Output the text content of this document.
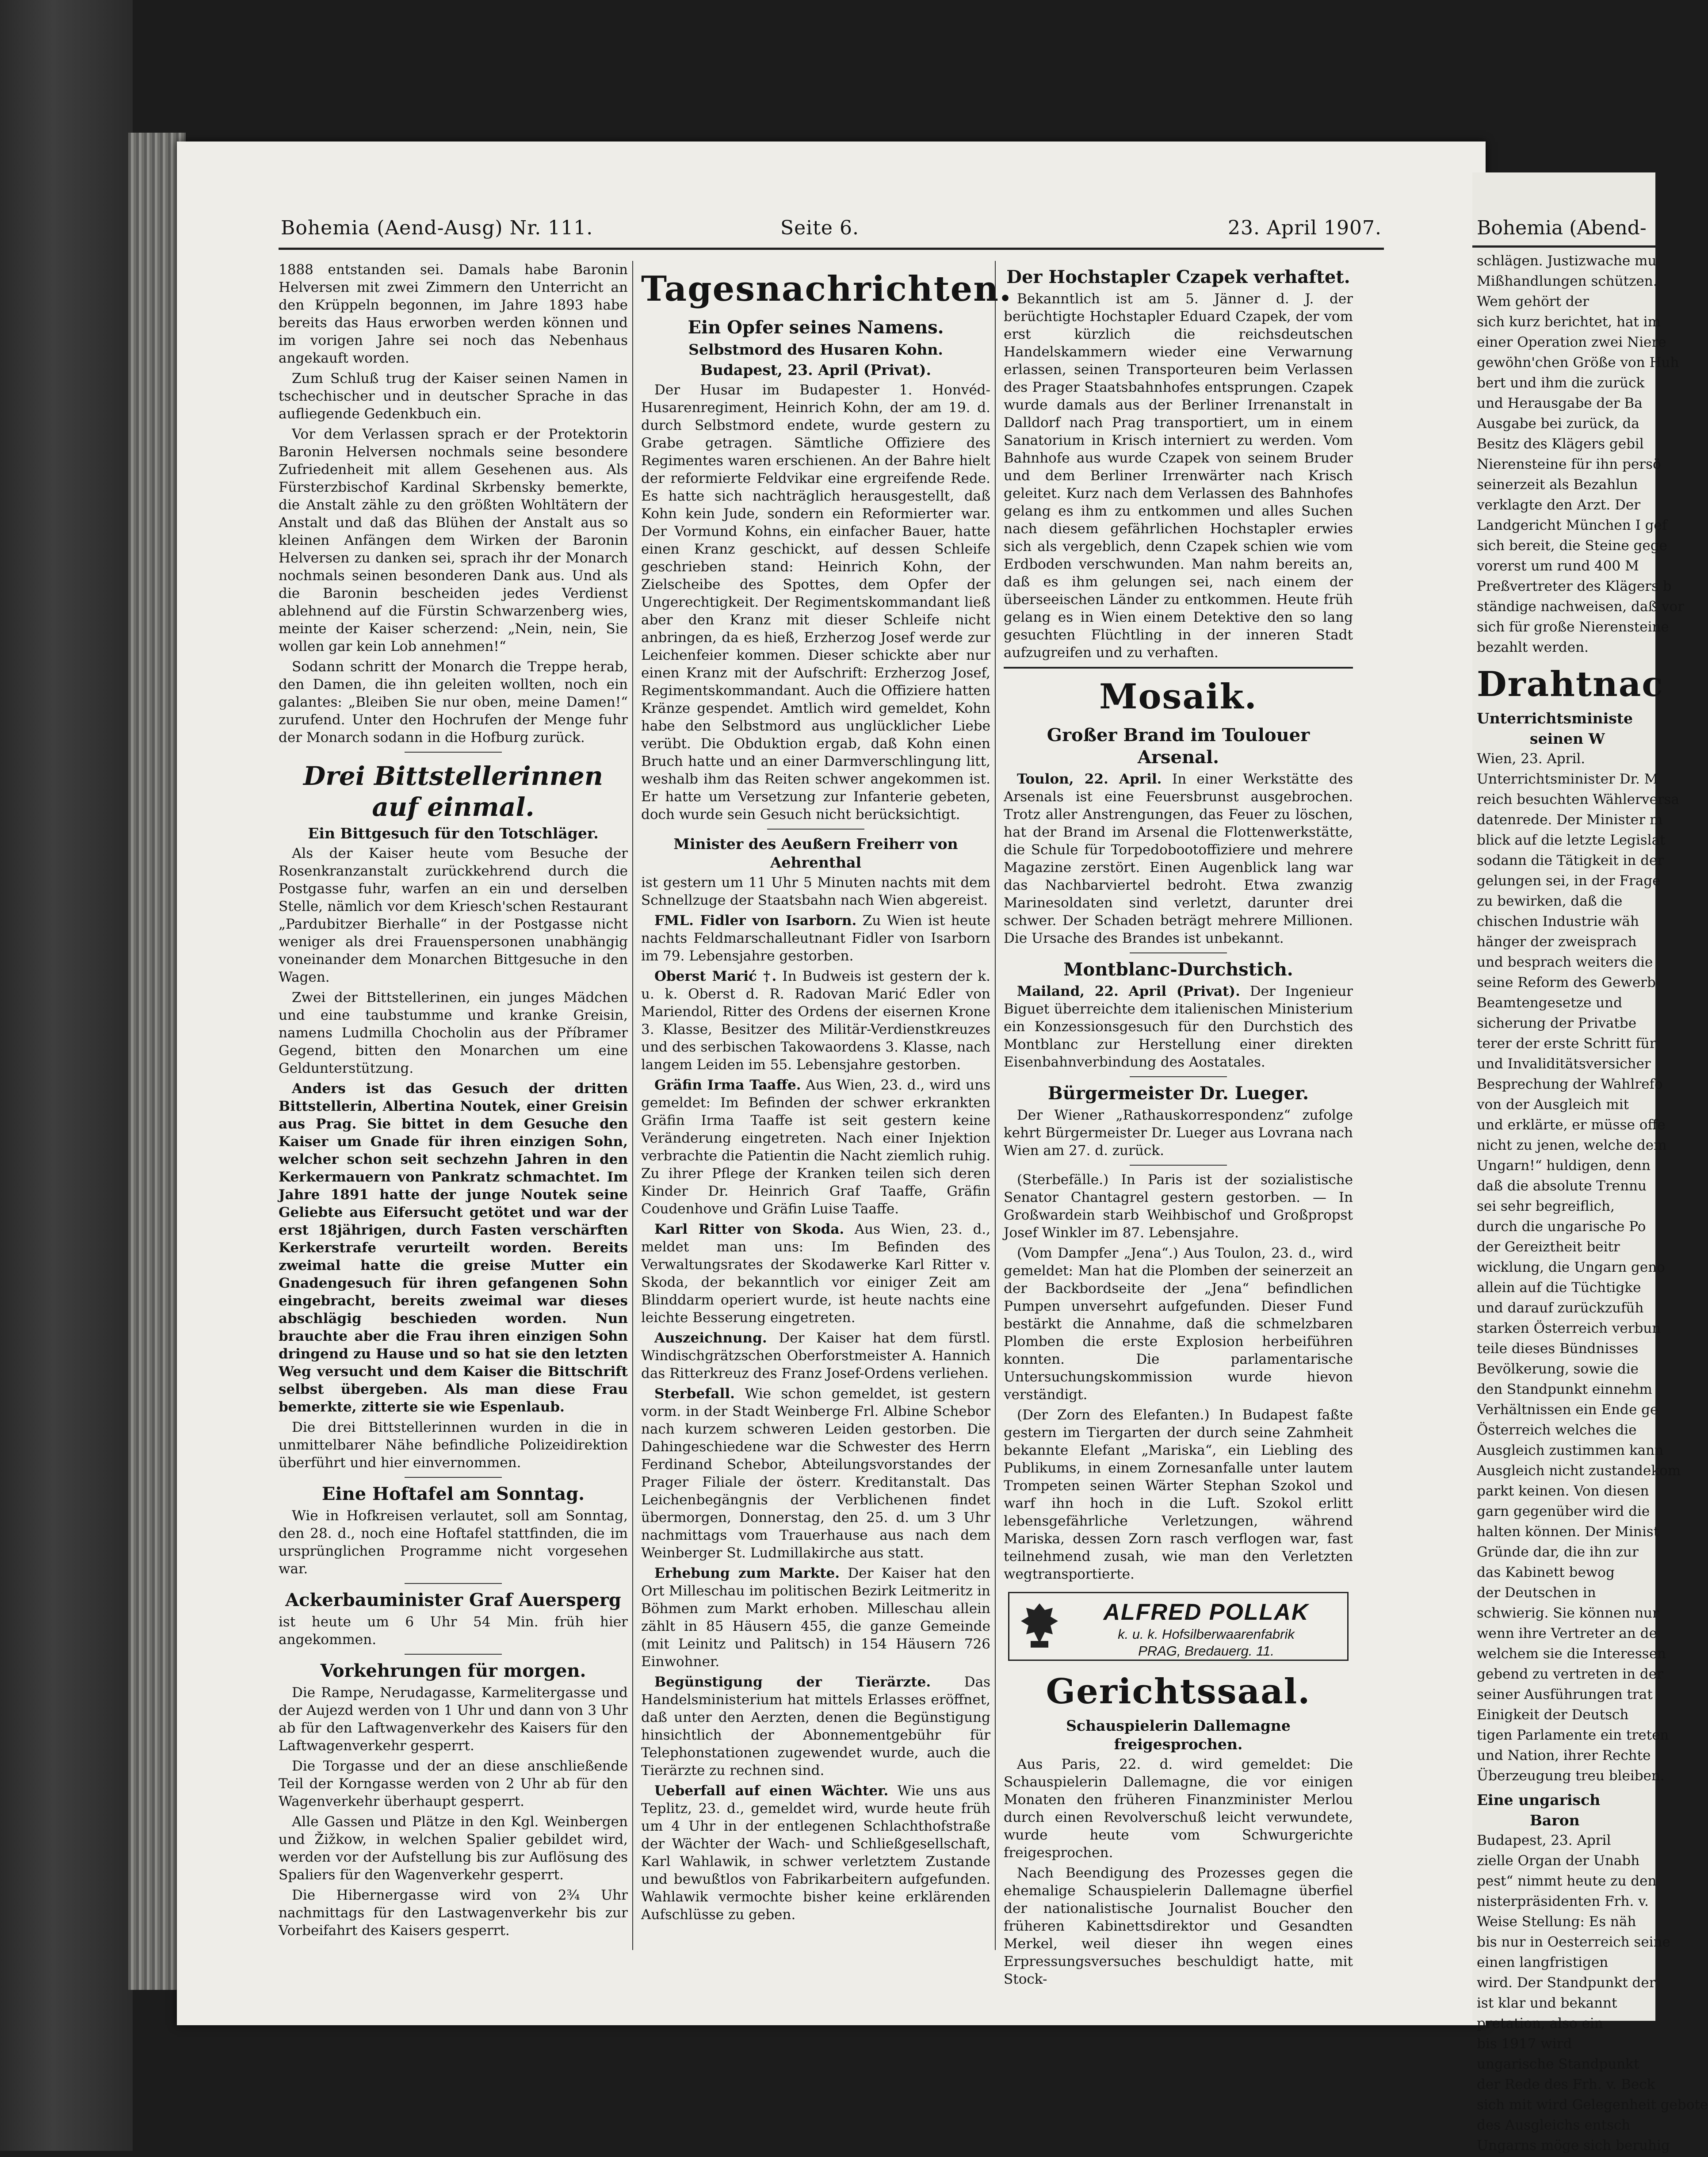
Bohemia (Aend-Ausg) Nr. 111.	Seite 6.	23. April 1907.

1888 entstanden sei. Damals habe Baronin Helversen mit zwei Zimmern den Unterricht an den Krüppeln begonnen, im Jahre 1893 habe bereits das Haus erworben werden können und im vorigen Jahre sei noch das Nebenhaus angekauft worden.

Zum Schluß trug der Kaiser seinen Namen in tschechischer und in deutscher Sprache in das aufliegende Gedenkbuch ein.

Vor dem Verlassen sprach er der Protektorin Baronin Helversen nochmals seine besondere Zufriedenheit mit allem Gesehenen aus. Als Fürsterzbischof Kardinal Skrbensky bemerkte, die Anstalt zähle zu den größten Wohltätern der Anstalt und daß das Blühen der Anstalt aus so kleinen Anfängen dem Wirken der Baronin Helversen zu danken sei, sprach ihr der Monarch nochmals seinen besonderen Dank aus. Und als die Baronin bescheiden jedes Verdienst ablehnend auf die Fürstin Schwarzenberg wies, meinte der Kaiser scherzend: „Nein, nein, Sie wollen gar kein Lob annehmen!“

Sodann schritt der Monarch die Treppe herab, den Damen, die ihn geleiten wollten, noch ein galantes: „Bleiben Sie nur oben, meine Damen!“ zurufend. Unter den Hochrufen der Menge fuhr der Monarch sodann in die Hofburg zurück.

Drei Bittstellerinnen auf einmal.
Ein Bittgesuch für den Totschläger.

Als der Kaiser heute vom Besuche der Rosenkranzanstalt zurückkehrend durch die Postgasse fuhr, warfen an ein und derselben Stelle, nämlich vor dem Kriesch'schen Restaurant „Pardubitzer Bierhalle“ in der Postgasse nicht weniger als drei Frauenspersonen unabhängig voneinander dem Monarchen Bittgesuche in den Wagen.

Zwei der Bittstellerinen, ein junges Mädchen und eine taubstumme und kranke Greisin, namens Ludmilla Chocholin aus der Příbramer Gegend, bitten den Monarchen um eine Geldunterstützung.

Anders ist das Gesuch der dritten Bittstellerin, Albertina Noutek, einer Greisin aus Prag. Sie bittet in dem Gesuche den Kaiser um Gnade für ihren einzigen Sohn, welcher schon seit sechzehn Jahren in den Kerkermauern von Pankratz schmachtet. Im Jahre 1891 hatte der junge Noutek seine Geliebte aus Eifersucht getötet und war der erst 18jährigen, durch Fasten verschärften Kerkerstrafe verurteilt worden. Bereits zweimal hatte die greise Mutter ein Gnadengesuch für ihren gefangenen Sohn eingebracht, bereits zweimal war dieses abschlägig beschieden worden. Nun brauchte aber die Frau ihren einzigen Sohn dringend zu Hause und so hat sie den letzten Weg versucht und dem Kaiser die Bittschrift selbst übergeben. Als man diese Frau bemerkte, zitterte sie wie Espenlaub.

Die drei Bittstellerinnen wurden in die in unmittelbarer Nähe befindliche Polizeidirektion überführt und hier einvernommen.

Eine Hoftafel am Sonntag.

Wie in Hofkreisen verlautet, soll am Sonntag, den 28. d., noch eine Hoftafel stattfinden, die im ursprünglichen Programme nicht vorgesehen war.

Ackerbauminister Graf Auersperg

ist heute um 6 Uhr 54 Min. früh hier angekommen.

Vorkehrungen für morgen.

Die Rampe, Nerudagasse, Karmelitergasse und der Aujezd werden von 1 Uhr und dann von 3 Uhr ab für den Laftwagenverkehr des Kaisers für den Laftwagenverkehr gesperrt.

Die Torgasse und der an diese anschließende Teil der Korngasse werden von 2 Uhr ab für den Wagenverkehr überhaupt gesperrt.

Alle Gassen und Plätze in den Kgl. Weinbergen und Žižkow, in welchen Spalier gebildet wird, werden vor der Aufstellung bis zur Auflösung des Spaliers für den Wagenverkehr gesperrt.

Die Hibernergasse wird von 2¾ Uhr nachmittags für den Lastwagenverkehr bis zur Vorbeifahrt des Kaisers gesperrt.

Tagesnachrichten.
Ein Opfer seines Namens.
Selbstmord des Husaren Kohn.
Budapest, 23. April (Privat).

Der Husar im Budapester 1. Honvéd-Husarenregiment, Heinrich Kohn, der am 19. d. durch Selbstmord endete, wurde gestern zu Grabe getragen. Sämtliche Offiziere des Regimentes waren erschienen. An der Bahre hielt der reformierte Feldvikar eine ergreifende Rede. Es hatte sich nachträglich herausgestellt, daß Kohn kein Jude, sondern ein Reformierter war. Der Vormund Kohns, ein einfacher Bauer, hatte einen Kranz geschickt, auf dessen Schleife geschrieben stand: Heinrich Kohn, der Zielscheibe des Spottes, dem Opfer der Ungerechtigkeit. Der Regimentskommandant ließ aber den Kranz mit dieser Schleife nicht anbringen, da es hieß, Erzherzog Josef werde zur Leichenfeier kommen. Dieser schickte aber nur einen Kranz mit der Aufschrift: Erzherzog Josef, Regimentskommandant. Auch die Offiziere hatten Kränze gespendet. Amtlich wird gemeldet, Kohn habe den Selbstmord aus unglücklicher Liebe verübt. Die Obduktion ergab, daß Kohn einen Bruch hatte und an einer Darmverschlingung litt, weshalb ihm das Reiten schwer angekommen ist. Er hatte um Versetzung zur Infanterie gebeten, doch wurde sein Gesuch nicht berücksichtigt.

Minister des Aeußern Freiherr von Aehrenthal

ist gestern um 11 Uhr 5 Minuten nachts mit dem Schnellzuge der Staatsbahn nach Wien abgereist.

FML. Fidler von Isarborn. Zu Wien ist heute nachts Feldmarschalleutnant Fidler von Isarborn im 79. Lebensjahre gestorben.

Oberst Marić †. In Budweis ist gestern der k. u. k. Oberst d. R. Radovan Marić Edler von Mariendol, Ritter des Ordens der eisernen Krone 3. Klasse, Besitzer des Militär-Verdienstkreuzes und des serbischen Takowaordens 3. Klasse, nach langem Leiden im 55. Lebensjahre gestorben.

Gräfin Irma Taaffe. Aus Wien, 23. d., wird uns gemeldet: Im Befinden der schwer erkrankten Gräfin Irma Taaffe ist seit gestern keine Veränderung eingetreten. Nach einer Injektion verbrachte die Patientin die Nacht ziemlich ruhig. Zu ihrer Pflege der Kranken teilen sich deren Kinder Dr. Heinrich Graf Taaffe, Gräfin Coudenhove und Gräfin Luise Taaffe.

Karl Ritter von Skoda. Aus Wien, 23. d., meldet man uns: Im Befinden des Verwaltungsrates der Skodawerke Karl Ritter v. Skoda, der bekanntlich vor einiger Zeit am Blinddarm operiert wurde, ist heute nachts eine leichte Besserung eingetreten.

Auszeichnung. Der Kaiser hat dem fürstl. Windischgrätzschen Oberforstmeister A. Hannich das Ritterkreuz des Franz Josef-Ordens verliehen.

Sterbefall. Wie schon gemeldet, ist gestern vorm. in der Stadt Weinberge Frl. Albine Schebor nach kurzem schweren Leiden gestorben. Die Dahingeschiedene war die Schwester des Herrn Ferdinand Schebor, Abteilungsvorstandes der Prager Filiale der österr. Kreditanstalt. Das Leichenbegängnis der Verblichenen findet übermorgen, Donnerstag, den 25. d. um 3 Uhr nachmittags vom Trauerhause aus nach dem Weinberger St. Ludmillakirche aus statt.

Erhebung zum Markte. Der Kaiser hat den Ort Milleschau im politischen Bezirk Leitmeritz in Böhmen zum Markt erhoben. Milleschau allein zählt in 85 Häusern 455, die ganze Gemeinde (mit Leinitz und Palitsch) in 154 Häusern 726 Einwohner.

Begünstigung der Tierärzte. Das Handelsministerium hat mittels Erlasses eröffnet, daß unter den Aerzten, denen die Begünstigung hinsichtlich der Abonnementgebühr für Telephonstationen zugewendet wurde, auch die Tierärzte zu rechnen sind.

Ueberfall auf einen Wächter. Wie uns aus Teplitz, 23. d., gemeldet wird, wurde heute früh um 4 Uhr in der entlegenen Schlachthofstraße der Wächter der Wach- und Schließgesellschaft, Karl Wahlawik, in schwer verletztem Zustande und bewußtlos von Fabrikarbeitern aufgefunden. Wahlawik vermochte bisher keine erklärenden Aufschlüsse zu geben.

Der Hochstapler Czapek verhaftet.

Bekanntlich ist am 5. Jänner d. J. der berüchtigte Hochstapler Eduard Czapek, der vom erst kürzlich die reichsdeutschen Handelskammern wieder eine Verwarnung erlassen, seinen Transporteuren beim Verlassen des Prager Staatsbahnhofes entsprungen. Czapek wurde damals aus der Berliner Irrenanstalt in Dalldorf nach Prag transportiert, um in einem Sanatorium in Krisch interniert zu werden. Vom Bahnhofe aus wurde Czapek von seinem Bruder und dem Berliner Irrenwärter nach Krisch geleitet. Kurz nach dem Verlassen des Bahnhofes gelang es ihm zu entkommen und alles Suchen nach diesem gefährlichen Hochstapler erwies sich als vergeblich, denn Czapek schien wie vom Erdboden verschwunden. Man nahm bereits an, daß es ihm gelungen sei, nach einem der überseeischen Länder zu entkommen. Heute früh gelang es in Wien einem Detektive den so lang gesuchten Flüchtling in der inneren Stadt aufzugreifen und zu verhaften.

Mosaik.
Großer Brand im Toulouer Arsenal.

Toulon, 22. April. In einer Werkstätte des Arsenals ist eine Feuersbrunst ausgebrochen. Trotz aller Anstrengungen, das Feuer zu löschen, hat der Brand im Arsenal die Flottenwerkstätte, die Schule für Torpedobootoffiziere und mehrere Magazine zerstört. Einen Augenblick lang war das Nachbarviertel bedroht. Etwa zwanzig Marinesoldaten sind verletzt, darunter drei schwer. Der Schaden beträgt mehrere Millionen. Die Ursache des Brandes ist unbekannt.

Montblanc-Durchstich.

Mailand, 22. April (Privat). Der Ingenieur Biguet überreichte dem italienischen Ministerium ein Konzessionsgesuch für den Durchstich des Montblanc zur Herstellung einer direkten Eisenbahnverbindung des Aostatales.

Bürgermeister Dr. Lueger.

Der Wiener „Rathauskorrespondenz“ zufolge kehrt Bürgermeister Dr. Lueger aus Lovrana nach Wien am 27. d. zurück.

(Sterbefälle.) In Paris ist der sozialistische Senator Chantagrel gestern gestorben. — In Großwardein starb Weihbischof und Großpropst Josef Winkler im 87. Lebensjahre.

(Vom Dampfer „Jena“.) Aus Toulon, 23. d., wird gemeldet: Man hat die Plomben der seinerzeit an der Backbordseite der „Jena“ befindlichen Pumpen unversehrt aufgefunden. Dieser Fund bestärkt die Annahme, daß die schmelzbaren Plomben die erste Explosion herbeiführen konnten. Die parlamentarische Untersuchungskommission wurde hievon verständigt.

(Der Zorn des Elefanten.) In Budapest faßte gestern im Tiergarten der durch seine Zahmheit bekannte Elefant „Mariska“, ein Liebling des Publikums, in einem Zornesanfalle unter lautem Trompeten seinen Wärter Stephan Szokol und warf ihn hoch in die Luft. Szokol erlitt lebensgefährliche Verletzungen, während Mariska, dessen Zorn rasch verflogen war, fast teilnehmend zusah, wie man den Verletzten wegtransportierte.

ALFRED POLLAK
k. u. k. Hofsilberwaarenfabrik
PRAG, Bredauerg. 11.
Gerichtssaal.
Schauspielerin Dallemagne freigesprochen.

Aus Paris, 22. d. wird gemeldet: Die Schauspielerin Dallemagne, die vor einigen Monaten den früheren Finanzminister Merlou durch einen Revolverschuß leicht verwundete, wurde heute vom Schwurgerichte freigesprochen.

Nach Beendigung des Prozesses gegen die ehemalige Schauspielerin Dallemagne überfiel der nationalistische Journalist Boucher den früheren Kabinettsdirektor und Gesandten Merkel, weil dieser ihn wegen eines Erpressungsversuches beschuldigt hatte, mit Stock-

Bohemia (Abend-

schlägen. Justizwache mu

Mißhandlungen schützen.

Wem gehört der

sich kurz berichtet, hat im

einer Operation zwei Niere

gewöhn'chen Größe von Huh

bert und ihm die zurück

und Herausgabe der Ba

Ausgabe bei zurück, da

Besitz des Klägers gebil

Nierensteine für ihn persö

seinerzeit als Bezahlun

verklagte den Arzt. Der

Landgericht München I gef

sich bereit, die Steine gege

vorerst um rund 400 M

Preßvertreter des Klägers b

ständige nachweisen, daß vor

sich für große Nierensteine

bezahlt werden.

Drahtnac
Unterrichtsministe
seinen W

Wien, 23. April.

Unterrichtsminister Dr. M

reich besuchten Wählerversa

datenrede. Der Minister m

blick auf die letzte Legislat

sodann die Tätigkeit in der

gelungen sei, in der Frage

zu bewirken, daß die

chischen Industrie wäh

hänger der zweisprach

und besprach weiters die

seine Reform des Gewerb

Beamtengesetze und

sicherung der Privatbe

terer der erste Schritt für

und Invaliditätsversicher

Besprechung der Wahlrefo

von der Ausgleich mit

und erklärte, er müsse offe

nicht zu jenen, welche dem

Ungarn!“ huldigen, denn

daß die absolute Trennu

sei sehr begreiflich,

durch die ungarische Po

der Gereiztheit beitr

wicklung, die Ungarn geno

allein auf die Tüchtigke

und darauf zurückzufüh

starken Österreich verbun

teile dieses Bündnisses

Bevölkerung, sowie die

den Standpunkt einnehm

Verhältnissen ein Ende ge

Österreich welches die

Ausgleich zustimmen kann

Ausgleich nicht zustandekom

parkt keinen. Von diesen

garn gegenüber wird die

halten können. Der Minist

Gründe dar, die ihn zur

das Kabinett bewog

der Deutschen in

schwierig. Sie können nur

wenn ihre Vertreter an de

welchem sie die Interessen

gebend zu vertreten in der

seiner Ausführungen trat

Einigkeit der Deutsch

tigen Parlamente ein treten

und Nation, ihrer Rechte

Überzeugung treu bleiben.

Eine ungarisch
Baron

Budapest, 23. April

zielle Organ der Unabh

pest“ nimmt heute zu den

nisterpräsidenten Frh. v.

Weise Stellung: Es näh

bis nur in Oesterreich seine

einen langfristigen

wird. Der Standpunkt der

ist klar und bekannt

pretation, also ein

bis 1917 wird

ungarische Standpunkt

der Rede des Frh. v. Beck

sich mit wird Gelegenheit gebote

des Ausgleichs entsch

Ungarns möge sich beruhig
